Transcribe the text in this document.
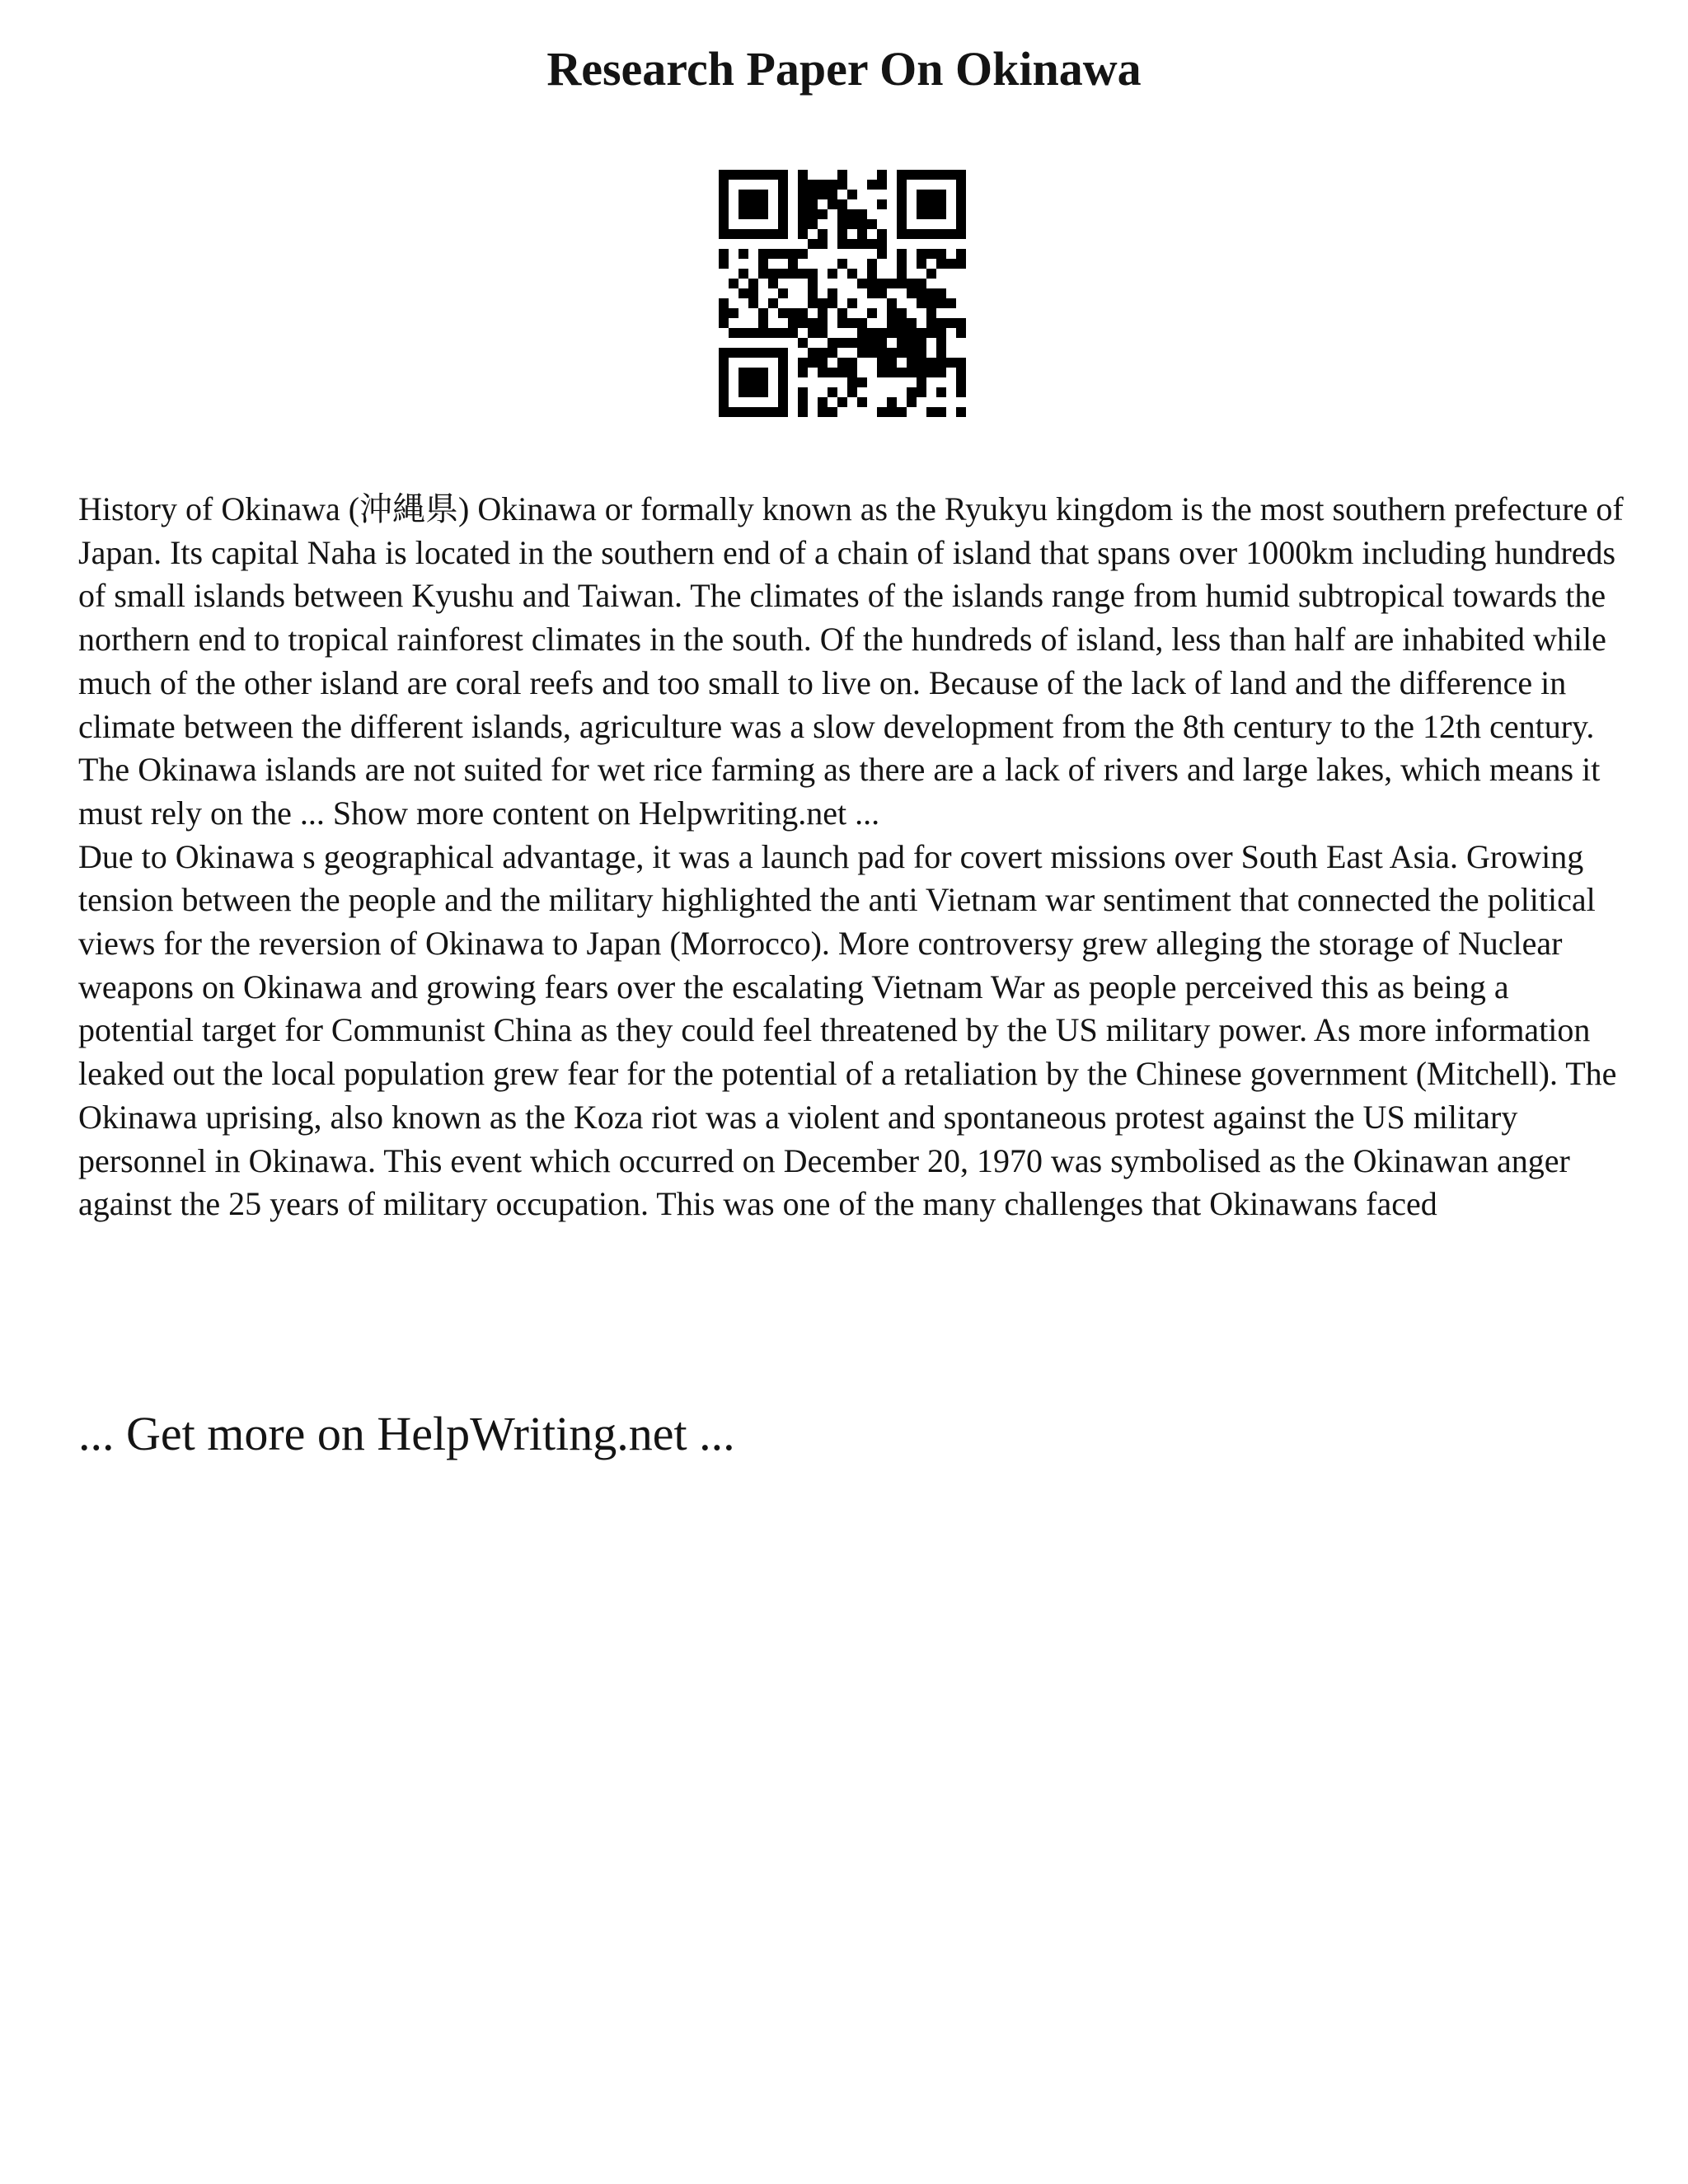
Research Paper On Okinawa

History of Okinawa (沖縄県) Okinawa or formally known as the Ryukyu kingdom is the most southern prefecture of Japan. Its capital Naha is located in the southern end of a chain of island that spans over 1000km including hundreds of small islands between Kyushu and Taiwan. The climates of the islands range from humid subtropical towards the northern end to tropical rainforest climates in the south. Of the hundreds of island, less than half are inhabited while much of the other island are coral reefs and too small to live on. Because of the lack of land and the difference in climate between the different islands, agriculture was a slow development from the 8th century to the 12th century. The Okinawa islands are not suited for wet rice farming as there are a lack of rivers and large lakes, which means it must rely on the ... Show more content on Helpwriting.net ...

Due to Okinawa s geographical advantage, it was a launch pad for covert missions over South East Asia. Growing tension between the people and the military highlighted the anti Vietnam war sentiment that connected the political views for the reversion of Okinawa to Japan (Morrocco). More controversy grew alleging the storage of Nuclear weapons on Okinawa and growing fears over the escalating Vietnam War as people perceived this as being a potential target for Communist China as they could feel threatened by the US military power. As more information leaked out the local population grew fear for the potential of a retaliation by the Chinese government (Mitchell). The Okinawa uprising, also known as the Koza riot was a violent and spontaneous protest against the US military personnel in Okinawa. This event which occurred on December 20, 1970 was symbolised as the Okinawan anger against the 25 years of military occupation. This was one of the many challenges that Okinawans faced

... Get more on HelpWriting.net ...
